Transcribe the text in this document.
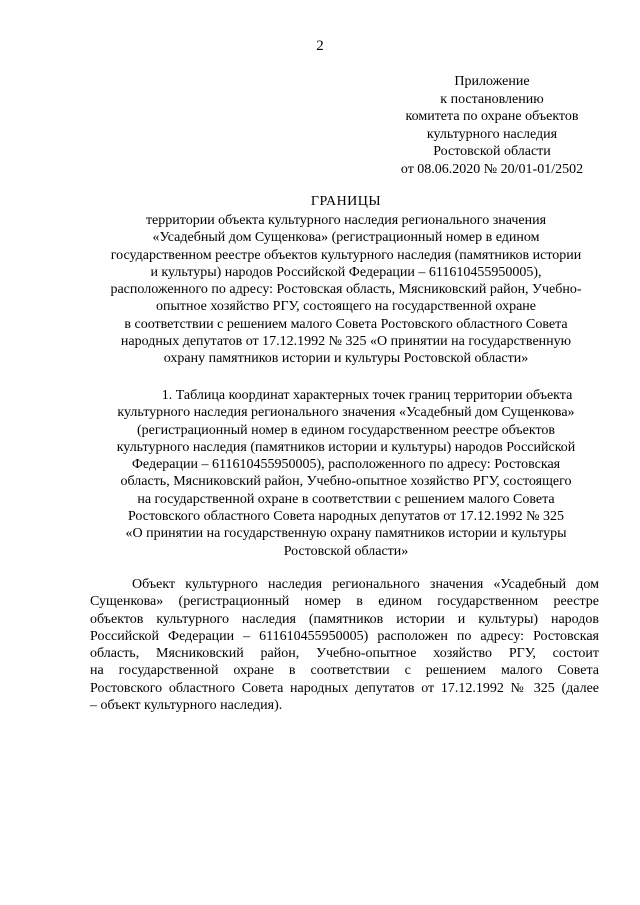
2
Приложение
к постановлению
комитета по охране объектов
культурного наследия
Ростовской области
от 08.06.2020 № 20/01-01/2502
ГРАНИЦЫ
территории объекта культурного наследия регионального значения
«Усадебный дом Сущенкова» (регистрационный номер в едином
государственном реестре объектов культурного наследия (памятников истории
и культуры) народов Российской Федерации – 611610455950005),
расположенного по адресу: Ростовская область, Мясниковский район, Учебно-
опытное хозяйство РГУ, состоящего на государственной охране
в соответствии с решением малого Совета Ростовского областного Совета
народных депутатов от 17.12.1992 № 325 «О принятии на государственную
охрану памятников истории и культуры Ростовской области»
1. Таблица координат характерных точек границ территории объекта
культурного наследия регионального значения «Усадебный дом Сущенкова»
(регистрационный номер в едином государственном реестре объектов
культурного наследия (памятников истории и культуры) народов Российской
Федерации – 611610455950005), расположенного по адресу: Ростовская
область, Мясниковский район, Учебно-опытное хозяйство РГУ, состоящего
на государственной охране в соответствии с решением малого Совета
Ростовского областного Совета народных депутатов от 17.12.1992 № 325
«О принятии на государственную охрану памятников истории и культуры
Ростовской области»
Объект культурного наследия регионального значения «Усадебный дом
Сущенкова» (регистрационный номер в едином государственном реестре
объектов культурного наследия (памятников истории и культуры) народов
Российской Федерации – 611610455950005) расположен по адресу: Ростовская
область, Мясниковский район, Учебно-опытное хозяйство РГУ, состоит
на государственной охране в соответствии с решением малого Совета
Ростовского областного Совета народных депутатов от 17.12.1992 № 325 (далее
– объект культурного наследия).
